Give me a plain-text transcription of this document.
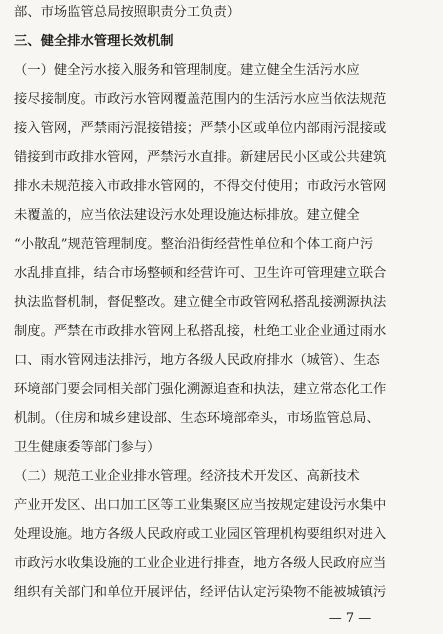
部、市场监管总局按照职责分工负责）
三、健全排水管理长效机制
（一）健全污水接入服务和管理制度。建立健全生活污水应
接尽接制度。市政污水管网覆盖范围内的生活污水应当依法规范
接入管网，严禁雨污混接错接；严禁小区或单位内部雨污混接或
错接到市政排水管网，严禁污水直排。新建居民小区或公共建筑
排水未规范接入市政排水管网的，不得交付使用；市政污水管网
未覆盖的，应当依法建设污水处理设施达标排放。建立健全
“小散乱”规范管理制度。整治沿街经营性单位和个体工商户污
水乱排直排，结合市场整顿和经营许可、卫生许可管理建立联合
执法监督机制，督促整改。建立健全市政管网私搭乱接溯源执法
制度。严禁在市政排水管网上私搭乱接，杜绝工业企业通过雨水
口、雨水管网违法排污，地方各级人民政府排水（城管）、生态
环境部门要会同相关部门强化溯源追查和执法，建立常态化工作
机制。（住房和城乡建设部、生态环境部牵头，市场监管总局、
卫生健康委等部门参与）
（二）规范工业企业排水管理。经济技术开发区、高新技术
产业开发区、出口加工区等工业集聚区应当按规定建设污水集中
处理设施。地方各级人民政府或工业园区管理机构要组织对进入
市政污水收集设施的工业企业进行排查，地方各级人民政府应当
组织有关部门和单位开展评估，经评估认定污染物不能被城镇污
— 7 —
